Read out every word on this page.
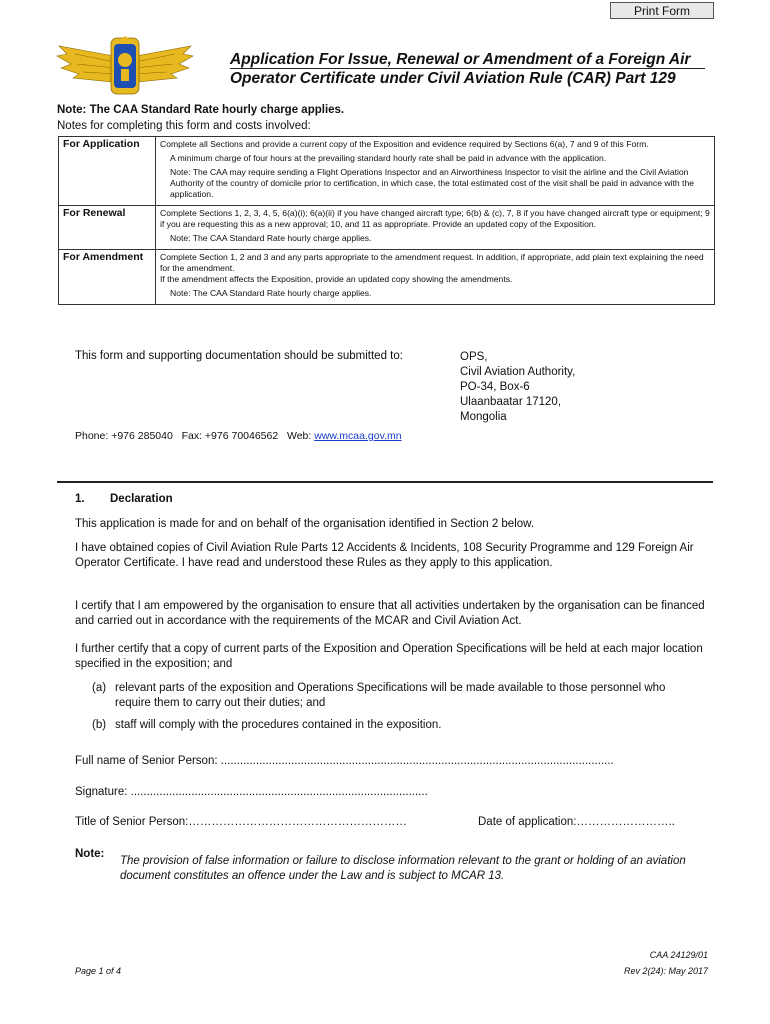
Print Form
Application For Issue, Renewal or Amendment of a Foreign Air Operator Certificate under Civil Aviation Rule (CAR) Part 129
Note: The CAA Standard Rate hourly charge applies.
Notes for completing this form and costs involved:
For Application	Complete all Sections and provide a current copy of the Exposition and evidence required by Sections 6(a), 7 and 9 of this Form.

A minimum charge of four hours at the prevailing standard hourly rate shall be paid in advance with the application.

Note: The CAA may require sending a Flight Operations Inspector and an Airworthiness Inspector to visit the airline and the Civil Aviation Authority of the country of domicile prior to certification, in which case, the total estimated cost of the visit shall be paid in advance with the application.

For Renewal	Complete Sections 1, 2, 3, 4, 5, 6(a)(i); 6(a)(ii) if you have changed aircraft type; 6(b) & (c), 7, 8 if you have changed aircraft type or equipment; 9 if you are requesting this as a new approval; 10, and 11 as appropriate. Provide an updated copy of the Exposition.

Note: The CAA Standard Rate hourly charge applies.

For Amendment	Complete Section 1, 2 and 3 and any parts appropriate to the amendment request. In addition, if appropriate, add plain text explaining the need for the amendment.

If the amendment affects the Exposition, provide an updated copy showing the amendments.

Note: The CAA Standard Rate hourly charge applies.

This form and supporting documentation should be submitted to:	OPS,
Civil Aviation Authority,
PO-34, Box-6
Ulaanbaatar 17120,
Mongolia
Phone: +976 285040 Fax: +976 70046562 Web: www.mcaa.gov.mn
1. Declaration
This application is made for and on behalf of the organisation identified in Section 2 below.
I have obtained copies of Civil Aviation Rule Parts 12 Accidents & Incidents, 108 Security Programme and 129 Foreign Air Operator Certificate. I have read and understood these Rules as they apply to this application.
I certify that I am empowered by the organisation to ensure that all activities undertaken by the organisation can be financed and carried out in accordance with the requirements of the MCAR and Civil Aviation Act.
I further certify that a copy of current parts of the Exposition and Operation Specifications will be held at each major location specified in the exposition; and
(a) relevant parts of the exposition and Operations Specifications will be made available to those personnel who require them to carry out their duties; and
(b) staff will comply with the procedures contained in the exposition.
Full name of Senior Person: ...........................................................................................................................
Signature: .............................................................................................
Title of Senior Person:…………………………………………………	Date of application:……………………..
Note:
The provision of false information or failure to disclose information relevant to the grant or holding of an aviation document constitutes an offence under the Law and is subject to MCAR 13.
Page 1 of 4
CAA 24129/01
Rev 2(24): May 2017
